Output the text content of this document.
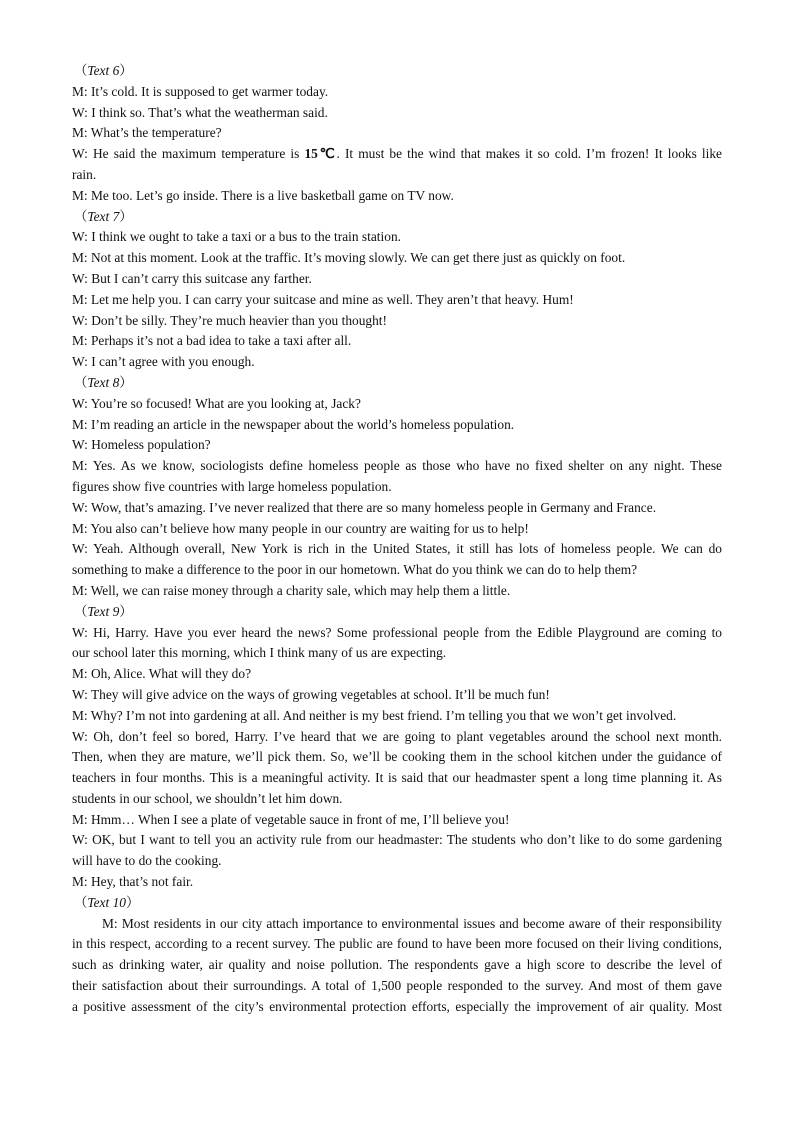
（Text 6）
M: It’s cold. It is supposed to get warmer today.
W: I think so. That’s what the weatherman said.
M: What’s the temperature?
W: He said the maximum temperature is 15℃. It must be the wind that makes it so cold. I’m frozen! It looks like
rain.
M: Me too. Let’s go inside. There is a live basketball game on TV now.
（Text 7）
W: I think we ought to take a taxi or a bus to the train station.
M: Not at this moment. Look at the traffic. It’s moving slowly. We can get there just as quickly on foot.
W: But I can’t carry this suitcase any farther.
M: Let me help you. I can carry your suitcase and mine as well. They aren’t that heavy. Hum!
W: Don’t be silly. They’re much heavier than you thought!
M: Perhaps it’s not a bad idea to take a taxi after all.
W: I can’t agree with you enough.
（Text 8）
W: You’re so focused! What are you looking at, Jack?
M: I’m reading an article in the newspaper about the world’s homeless population.
W: Homeless population?
M: Yes. As we know, sociologists define homeless people as those who have no fixed shelter on any night. These
figures show five countries with large homeless population.
W: Wow, that’s amazing. I’ve never realized that there are so many homeless people in Germany and France.
M: You also can’t believe how many people in our country are waiting for us to help!
W: Yeah. Although overall, New York is rich in the United States, it still has lots of homeless people. We can do
something to make a difference to the poor in our hometown. What do you think we can do to help them?
M: Well, we can raise money through a charity sale, which may help them a little.
（Text 9）
W: Hi, Harry. Have you ever heard the news? Some professional people from the Edible Playground are coming to
our school later this morning, which I think many of us are expecting.
M: Oh, Alice. What will they do?
W: They will give advice on the ways of growing vegetables at school. It’ll be much fun!
M: Why? I’m not into gardening at all. And neither is my best friend. I’m telling you that we won’t get involved.
W: Oh, don’t feel so bored, Harry. I’ve heard that we are going to plant vegetables around the school next month.
Then, when they are mature, we’ll pick them. So, we’ll be cooking them in the school kitchen under the guidance of
teachers in four months. This is a meaningful activity. It is said that our headmaster spent a long time planning it. As
students in our school, we shouldn’t let him down.
M: Hmm… When I see a plate of vegetable sauce in front of me, I’ll believe you!
W: OK, but I want to tell you an activity rule from our headmaster: The students who don’t like to do some gardening
will have to do the cooking.
M: Hey, that’s not fair.
（Text 10）
M: Most residents in our city attach importance to environmental issues and become aware of their responsibility
in this respect, according to a recent survey. The public are found to have been more focused on their living conditions,
such as drinking water, air quality and noise pollution. The respondents gave a high score to describe the level of
their satisfaction about their surroundings. A total of 1,500 people responded to the survey. And most of them gave
a positive assessment of the city’s environmental protection efforts, especially the improvement of air quality. Most
